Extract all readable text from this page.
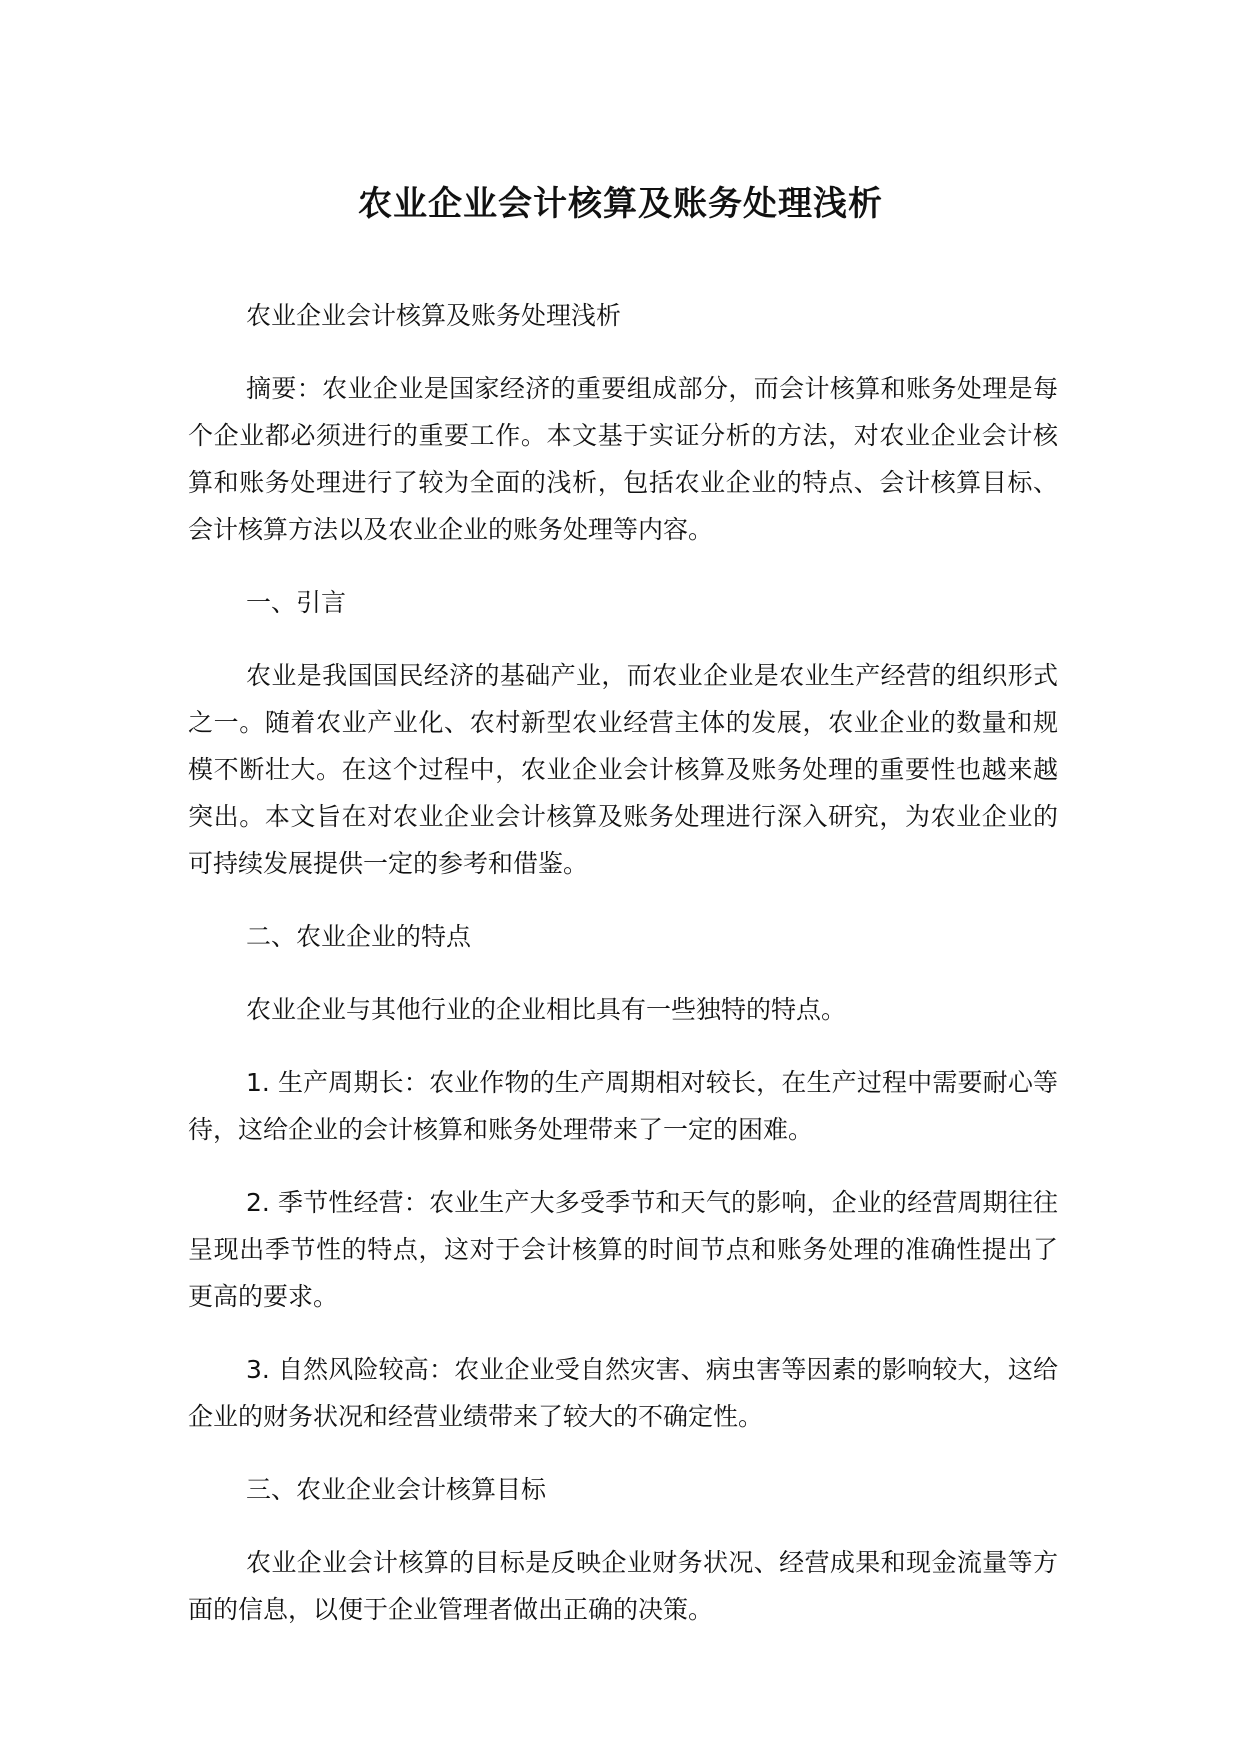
农业企业会计核算及账务处理浅析

农业企业会计核算及账务处理浅析

摘要：农业企业是国家经济的重要组成部分，而会计核算和账务处理是每个企业都必须进行的重要工作。本文基于实证分析的方法，对农业企业会计核算和账务处理进行了较为全面的浅析，包括农业企业的特点、会计核算目标、会计核算方法以及农业企业的账务处理等内容。

一、引言

农业是我国国民经济的基础产业，而农业企业是农业生产经营的组织形式之一。随着农业产业化、农村新型农业经营主体的发展，农业企业的数量和规模不断壮大。在这个过程中，农业企业会计核算及账务处理的重要性也越来越突出。本文旨在对农业企业会计核算及账务处理进行深入研究，为农业企业的可持续发展提供一定的参考和借鉴。

二、农业企业的特点

农业企业与其他行业的企业相比具有一些独特的特点。

1. 生产周期长：农业作物的生产周期相对较长，在生产过程中需要耐心等待，这给企业的会计核算和账务处理带来了一定的困难。

2. 季节性经营：农业生产大多受季节和天气的影响，企业的经营周期往往呈现出季节性的特点，这对于会计核算的时间节点和账务处理的准确性提出了更高的要求。

3. 自然风险较高：农业企业受自然灾害、病虫害等因素的影响较大，这给企业的财务状况和经营业绩带来了较大的不确定性。

三、农业企业会计核算目标

农业企业会计核算的目标是反映企业财务状况、经营成果和现金流量等方面的信息，以便于企业管理者做出正确的决策。
